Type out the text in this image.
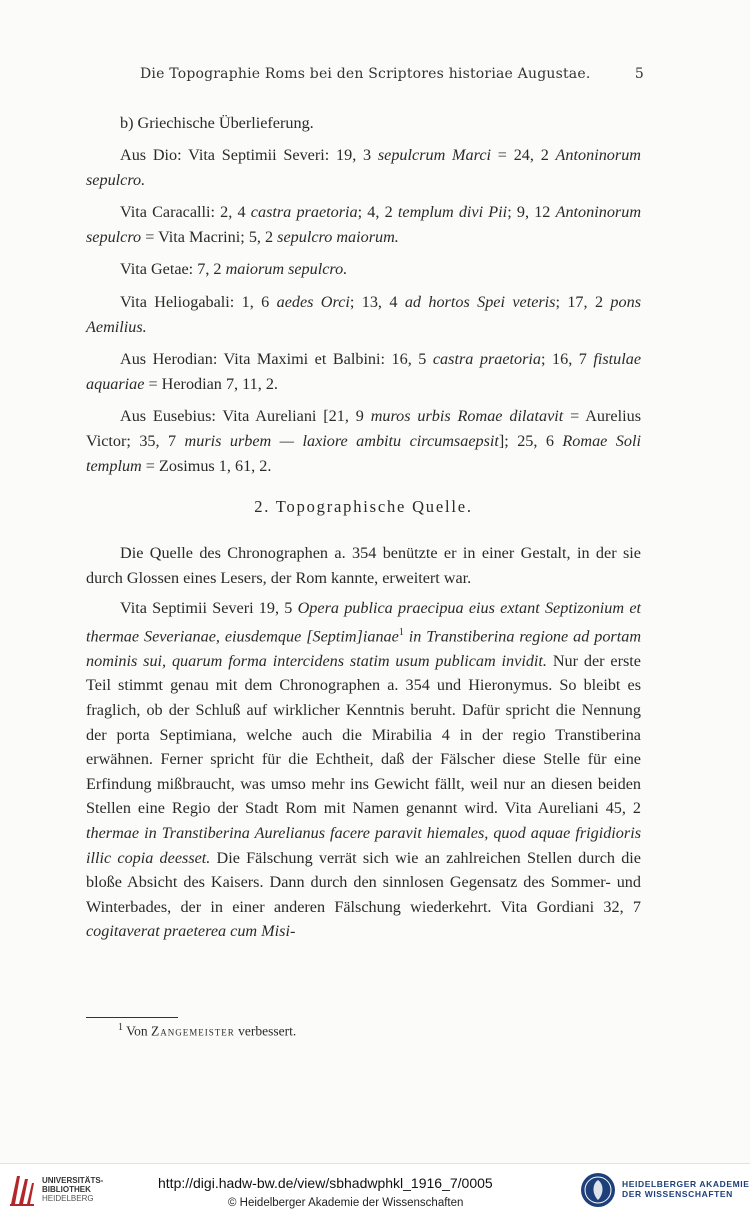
Die Topographie Roms bei den Scriptores historiae Augustae.	5

b) Griechische Überlieferung.

Aus Dio: Vita Septimii Severi: 19, 3 sepulcrum Marci = 24, 2 Antoninorum sepulcro.

Vita Caracalli: 2, 4 castra praetoria; 4, 2 templum divi Pii; 9, 12 Antoninorum sepulcro = Vita Macrini; 5, 2 sepulcro maiorum.

Vita Getae: 7, 2 maiorum sepulcro.

Vita Heliogabali: 1, 6 aedes Orci; 13, 4 ad hortos Spei veteris; 17, 2 pons Aemilius.

Aus Herodian: Vita Maximi et Balbini: 16, 5 castra praetoria; 16, 7 fistulae aquariae = Herodian 7, 11, 2.

Aus Eusebius: Vita Aureliani [21, 9 muros urbis Romae dilatavit = Aurelius Victor; 35, 7 muris urbem — laxiore ambitu circumsaepsit]; 25, 6 Romae Soli templum = Zosimus 1, 61, 2.

2. Topographische Quelle.

Die Quelle des Chronographen a. 354 benützte er in einer Gestalt, in der sie durch Glossen eines Lesers, der Rom kannte, erweitert war.

Vita Septimii Severi 19, 5 Opera publica praecipua eius extant Septizonium et thermae Severianae, eiusdemque [Septim]ianae$^1$ in Transtiberina regione ad portam nominis sui, quarum forma intercidens statim usum publicam invidit. Nur der erste Teil stimmt genau mit dem Chronographen a. 354 und Hieronymus. So bleibt es fraglich, ob der Schluß auf wirklicher Kenntnis beruht. Dafür spricht die Nennung der porta Septimiana, welche auch die Mirabilia 4 in der regio Transtiberina erwähnen. Ferner spricht für die Echtheit, daß der Fälscher diese Stelle für eine Erfindung mißbraucht, was umso mehr ins Gewicht fällt, weil nur an diesen beiden Stellen eine Regio der Stadt Rom mit Namen genannt wird. Vita Aureliani 45, 2 thermae in Transtiberina Aurelianus facere paravit hiemales, quod aquae frigidioris illic copia deesset. Die Fälschung verrät sich wie an zahlreichen Stellen durch die bloße Absicht des Kaisers. Dann durch den sinnlosen Gegensatz des Sommer- und Winterbades, der in einer anderen Fälschung wiederkehrt. Vita Gordiani 32, 7 cogitaverat praeterea cum Misi-

$^1$ Von Zangemeister verbessert.
UNIVERSITÄTS-
BIBLIOTHEK
HEIDELBERG
http://digi.hadw-bw.de/view/sbhadwphkl_1916_7/0005
© Heidelberger Akademie der Wissenschaften
HEIDELBERGER AKADEMIE
DER WISSENSCHAFTEN
